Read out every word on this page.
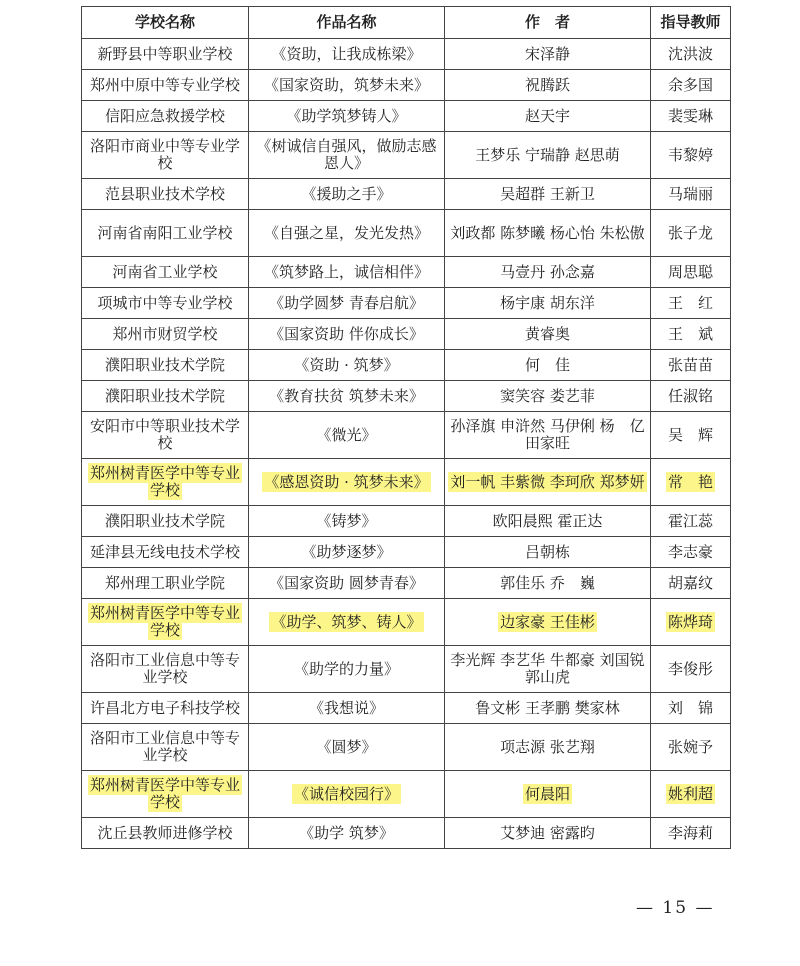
学校名称	作品名称	作　者	指导教师
新野县中等职业学校	《资助，让我成栋梁》	宋泽静	沈洪波
郑州中原中等专业学校	《国家资助，筑梦未来》	祝腾跃	余多国
信阳应急救援学校	《助学筑梦铸人》	赵天宇	裴雯琳
洛阳市商业中等专业学校	《树诚信自强风，做励志感恩人》	王梦乐 宁瑞静 赵思萌	韦黎婷
范县职业技术学校	《援助之手》	吴超群 王新卫	马瑞丽
河南省南阳工业学校	《自强之星，发光发热》	刘政都 陈梦曦 杨心怡 朱松傲	张子龙
河南省工业学校	《筑梦路上，诚信相伴》	马壹丹 孙念嘉	周思聪
项城市中等专业学校	《助学圆梦 青春启航》	杨宇康 胡东洋	王　红
郑州市财贸学校	《国家资助 伴你成长》	黄睿奥	王　斌
濮阳职业技术学院	《资助 · 筑梦》	何　佳	张苗苗
濮阳职业技术学院	《教育扶贫 筑梦未来》	窦笑容 娄艺菲	任淑铭
安阳市中等职业技术学校	《微光》	孙泽旗 申浒然 马伊俐 杨　亿 田家旺	吴　辉
郑州树青医学中等专业学校	《感恩资助 · 筑梦未来》	刘一帆 丰紫微 李珂欣 郑梦妍	常　艳
濮阳职业技术学院	《铸梦》	欧阳晨熙 霍正达	霍江蕊
延津县无线电技术学校	《助梦逐梦》	吕朝栋	李志豪
郑州理工职业学院	《国家资助 圆梦青春》	郭佳乐 乔　巍	胡嘉纹
郑州树青医学中等专业学校	《助学、筑梦、铸人》	边家豪 王佳彬	陈烨琦
洛阳市工业信息中等专业学校	《助学的力量》	李光辉 李艺华 牛都豪 刘国锐 郭山虎	李俊彤
许昌北方电子科技学校	《我想说》	鲁文彬 王孝鹏 樊家林	刘　锦
洛阳市工业信息中等专业学校	《圆梦》	项志源 张艺翔	张婉予
郑州树青医学中等专业学校	《诚信校园行》	何晨阳	姚利超
沈丘县教师进修学校	《助学 筑梦》	艾梦迪 密露昀	李海莉
— 15 —
